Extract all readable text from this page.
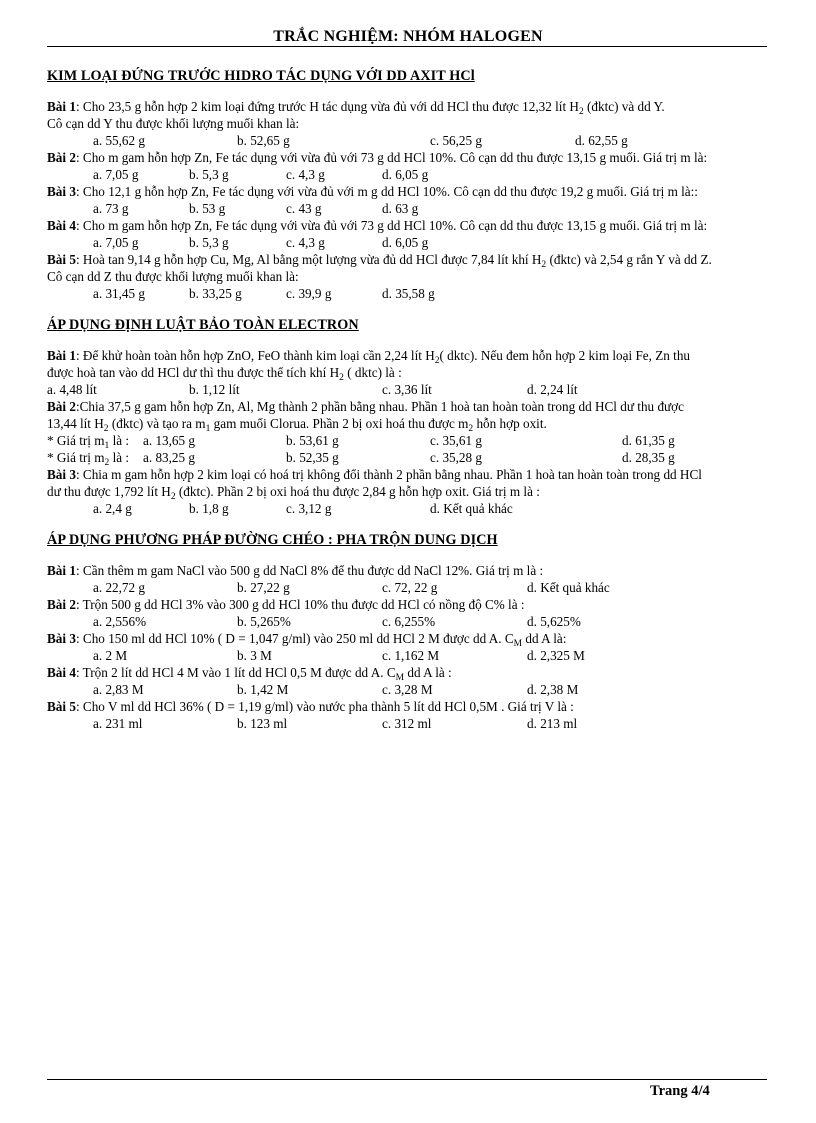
TRẮC NGHIỆM: NHÓM HALOGEN

KIM LOẠI ĐỨNG TRƯỚC HIDRO TÁC DỤNG VỚI DD AXIT HCl

Bài 1: Cho 23,5 g hỗn hợp 2 kim loại đứng trước H tác dụng vừa đủ với dd HCl thu được 12,32 lít $H_2$ (đktc) và dd Y.

Cô cạn dd Y thu được khối lượng muối khan là:

a. 55,62 g	b. 52,65 g	c. 56,25 g	d. 62,55 g

Bài 2: Cho m gam hỗn hợp Zn, Fe tác dụng với vừa đủ với 73 g dd HCl 10%. Cô cạn dd thu được 13,15 g muối. Giá trị m là:

a. 7,05 g	b. 5,3 g	c. 4,3 g	d. 6,05 g

Bài 3: Cho 12,1 g hỗn hợp Zn, Fe tác dụng với vừa đủ với m g dd HCl 10%. Cô cạn dd thu được 19,2 g muối. Giá trị m là::

a. 73 g	b. 53 g	c. 43 g	d. 63 g

Bài 4: Cho m gam hỗn hợp Zn, Fe tác dụng với vừa đủ với 73 g dd HCl 10%. Cô cạn dd thu được 13,15 g muối. Giá trị m là:

a. 7,05 g	b. 5,3 g	c. 4,3 g	d. 6,05 g

Bài 5: Hoà tan 9,14 g hỗn hợp Cu, Mg, Al bằng một lượng vừa đủ dd HCl được 7,84 lít khí $H_2$ (đktc) và 2,54 g rắn Y và dd Z.

Cô cạn dd Z thu được khối lượng muối khan là:

a. 31,45 g	b. 33,25 g	c. 39,9 g	d. 35,58 g

ÁP DỤNG ĐỊNH LUẬT BẢO TOÀN ELECTRON

Bài 1: Để khử hoàn toàn hỗn hợp ZnO, FeO thành kim loại cần 2,24 lít $H_2$( dktc). Nếu đem hỗn hợp 2 kim loại Fe, Zn thu

được hoà tan vào dd HCl dư thì thu được thể tích khí $H_2$ ( dktc) là :

a. 4,48 lít	b. 1,12 lít	c. 3,36 lít	d. 2,24 lít

Bài 2:Chia 37,5 g gam hỗn hợp Zn, Al, Mg thành 2 phần bằng nhau. Phần 1 hoà tan hoàn toàn trong dd HCl dư thu được

13,44 lít $H_2$ (đktc) và tạo ra $m_1$ gam muối Clorua. Phần 2 bị oxi hoá thu được $m_2$ hỗn hợp oxit.

* Giá trị $m_1$ là : a. 13,65 g	b. 53,61 g	c. 35,61 g	d. 61,35 g
* Giá trị $m_2$ là : a. 83,25 g	b. 52,35 g	c. 35,28 g	d. 28,35 g

Bài 3: Chia m gam hỗn hợp 2 kim loại có hoá trị không đổi thành 2 phần bằng nhau. Phần 1 hoà tan hoàn toàn trong dd HCl

dư thu được 1,792 lít $H_2$ (đktc). Phần 2 bị oxi hoá thu được 2,84 g hỗn hợp oxit. Giá trị m là :

a. 2,4 g	b. 1,8 g	c. 3,12 g	d. Kết quả khác

ÁP DỤNG PHƯƠNG PHÁP ĐƯỜNG CHÉO : PHA TRỘN DUNG DỊCH

Bài 1: Cần thêm m gam NaCl vào 500 g dd NaCl 8% để thu được dd NaCl 12%. Giá trị m là :

a. 22,72 g	b. 27,22 g	c. 72, 22 g	d. Kết quả khác

Bài 2: Trộn 500 g dd HCl 3% vào 300 g dd HCl 10% thu được dd HCl có nồng độ C% là :

a. 2,556%	b. 5,265%	c. 6,255%	d. 5,625%

Bài 3: Cho 150 ml dd HCl 10% ( D = 1,047 g/ml) vào 250 ml dd HCl 2 M được dd A. $C_M$ dd A là:

a. 2 M	b. 3 M	c. 1,162 M	d. 2,325 M

Bài 4: Trộn 2 lít dd HCl 4 M vào 1 lít dd HCl 0,5 M được dd A. $C_M$ dd A là :

a. 2,83 M	b. 1,42 M	c. 3,28 M	d. 2,38 M

Bài 5: Cho V ml dd HCl 36% ( D = 1,19 g/ml) vào nước pha thành 5 lít dd HCl 0,5M . Giá trị V là :

a. 231 ml	b. 123 ml	c. 312 ml	d. 213 ml
Trang 4/4
